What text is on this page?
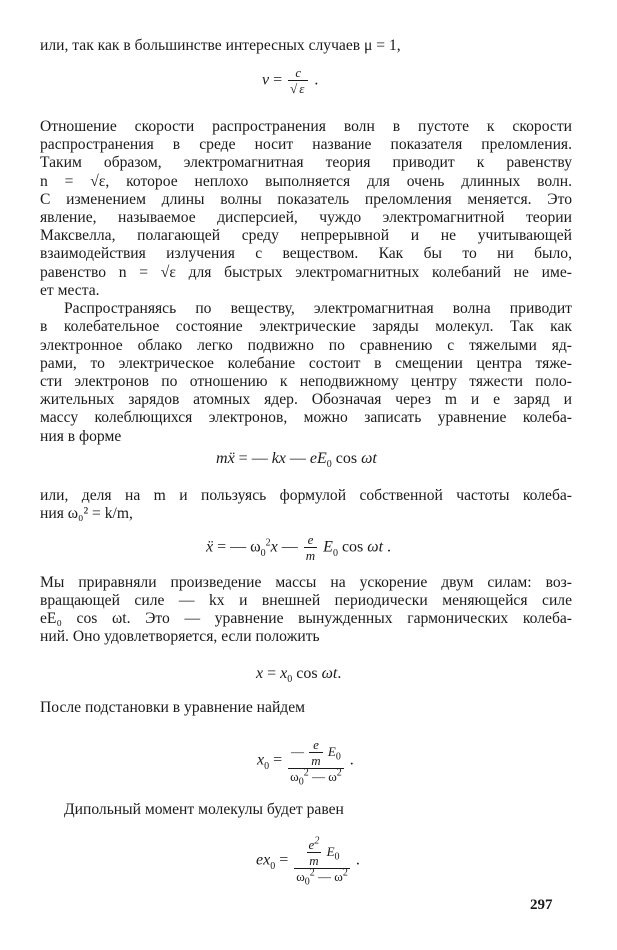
или, так как в большинстве интересных случаев μ = 1,
$v = \frac{c}{√ \varepsilon}$ .
Отношение скорости распространения волн в пустоте к скорости
распространения в среде носит название показателя преломления.
Таким образом, электромагнитная теория приводит к равенству
n = √ε, которое неплохо выполняется для очень длинных волн.
С изменением длины волны показатель преломления меняется. Это
явление, называемое дисперсией, чуждо электромагнитной теории
Максвелла, полагающей среду непрерывной и не учитывающей
взаимодействия излучения с веществом. Как бы то ни было,
равенство n = √ε для быстрых электромагнитных колебаний не име-
ет места.
Распространяясь по веществу, электромагнитная волна приводит
в колебательное состояние электрические заряды молекул. Так как
электронное облако легко подвижно по сравнению с тяжелыми яд-
рами, то электрическое колебание состоит в смещении центра тяже-
сти электронов по отношению к неподвижному центру тяжести поло-
жительных зарядов атомных ядер. Обозначая через m и e заряд и
массу колеблющихся электронов, можно записать уравнение колеба-
ния в форме
mẍ = — kx — $eE_0$ cos ωt
или, деля на m и пользуясь формулой собственной частоты колеба-
ния ω₀² = k/m,
ẍ = — $\omega_0^2x$ — $\frac{e}{m} E_0$ cos ωt .
Мы приравняли произведение массы на ускорение двум силам: воз-
вращающей силе — kx и внешней периодически меняющейся силе
eE₀ cos ωt. Это — уравнение вынужденных гармонических колеба-
ний. Оно удовлетворяется, если положить
$x = x_0$ cos ωt.
После подстановки в уравнение найдем
$x_0 = \frac{— \frac{e}{m} E_0}{\omega_0^2 — \omega^2}$ .
Дипольный момент молекулы будет равен
$ex_0 = \frac{\frac{e^2}{m} E_0}{\omega_0^2 — \omega^2}$ .
297
